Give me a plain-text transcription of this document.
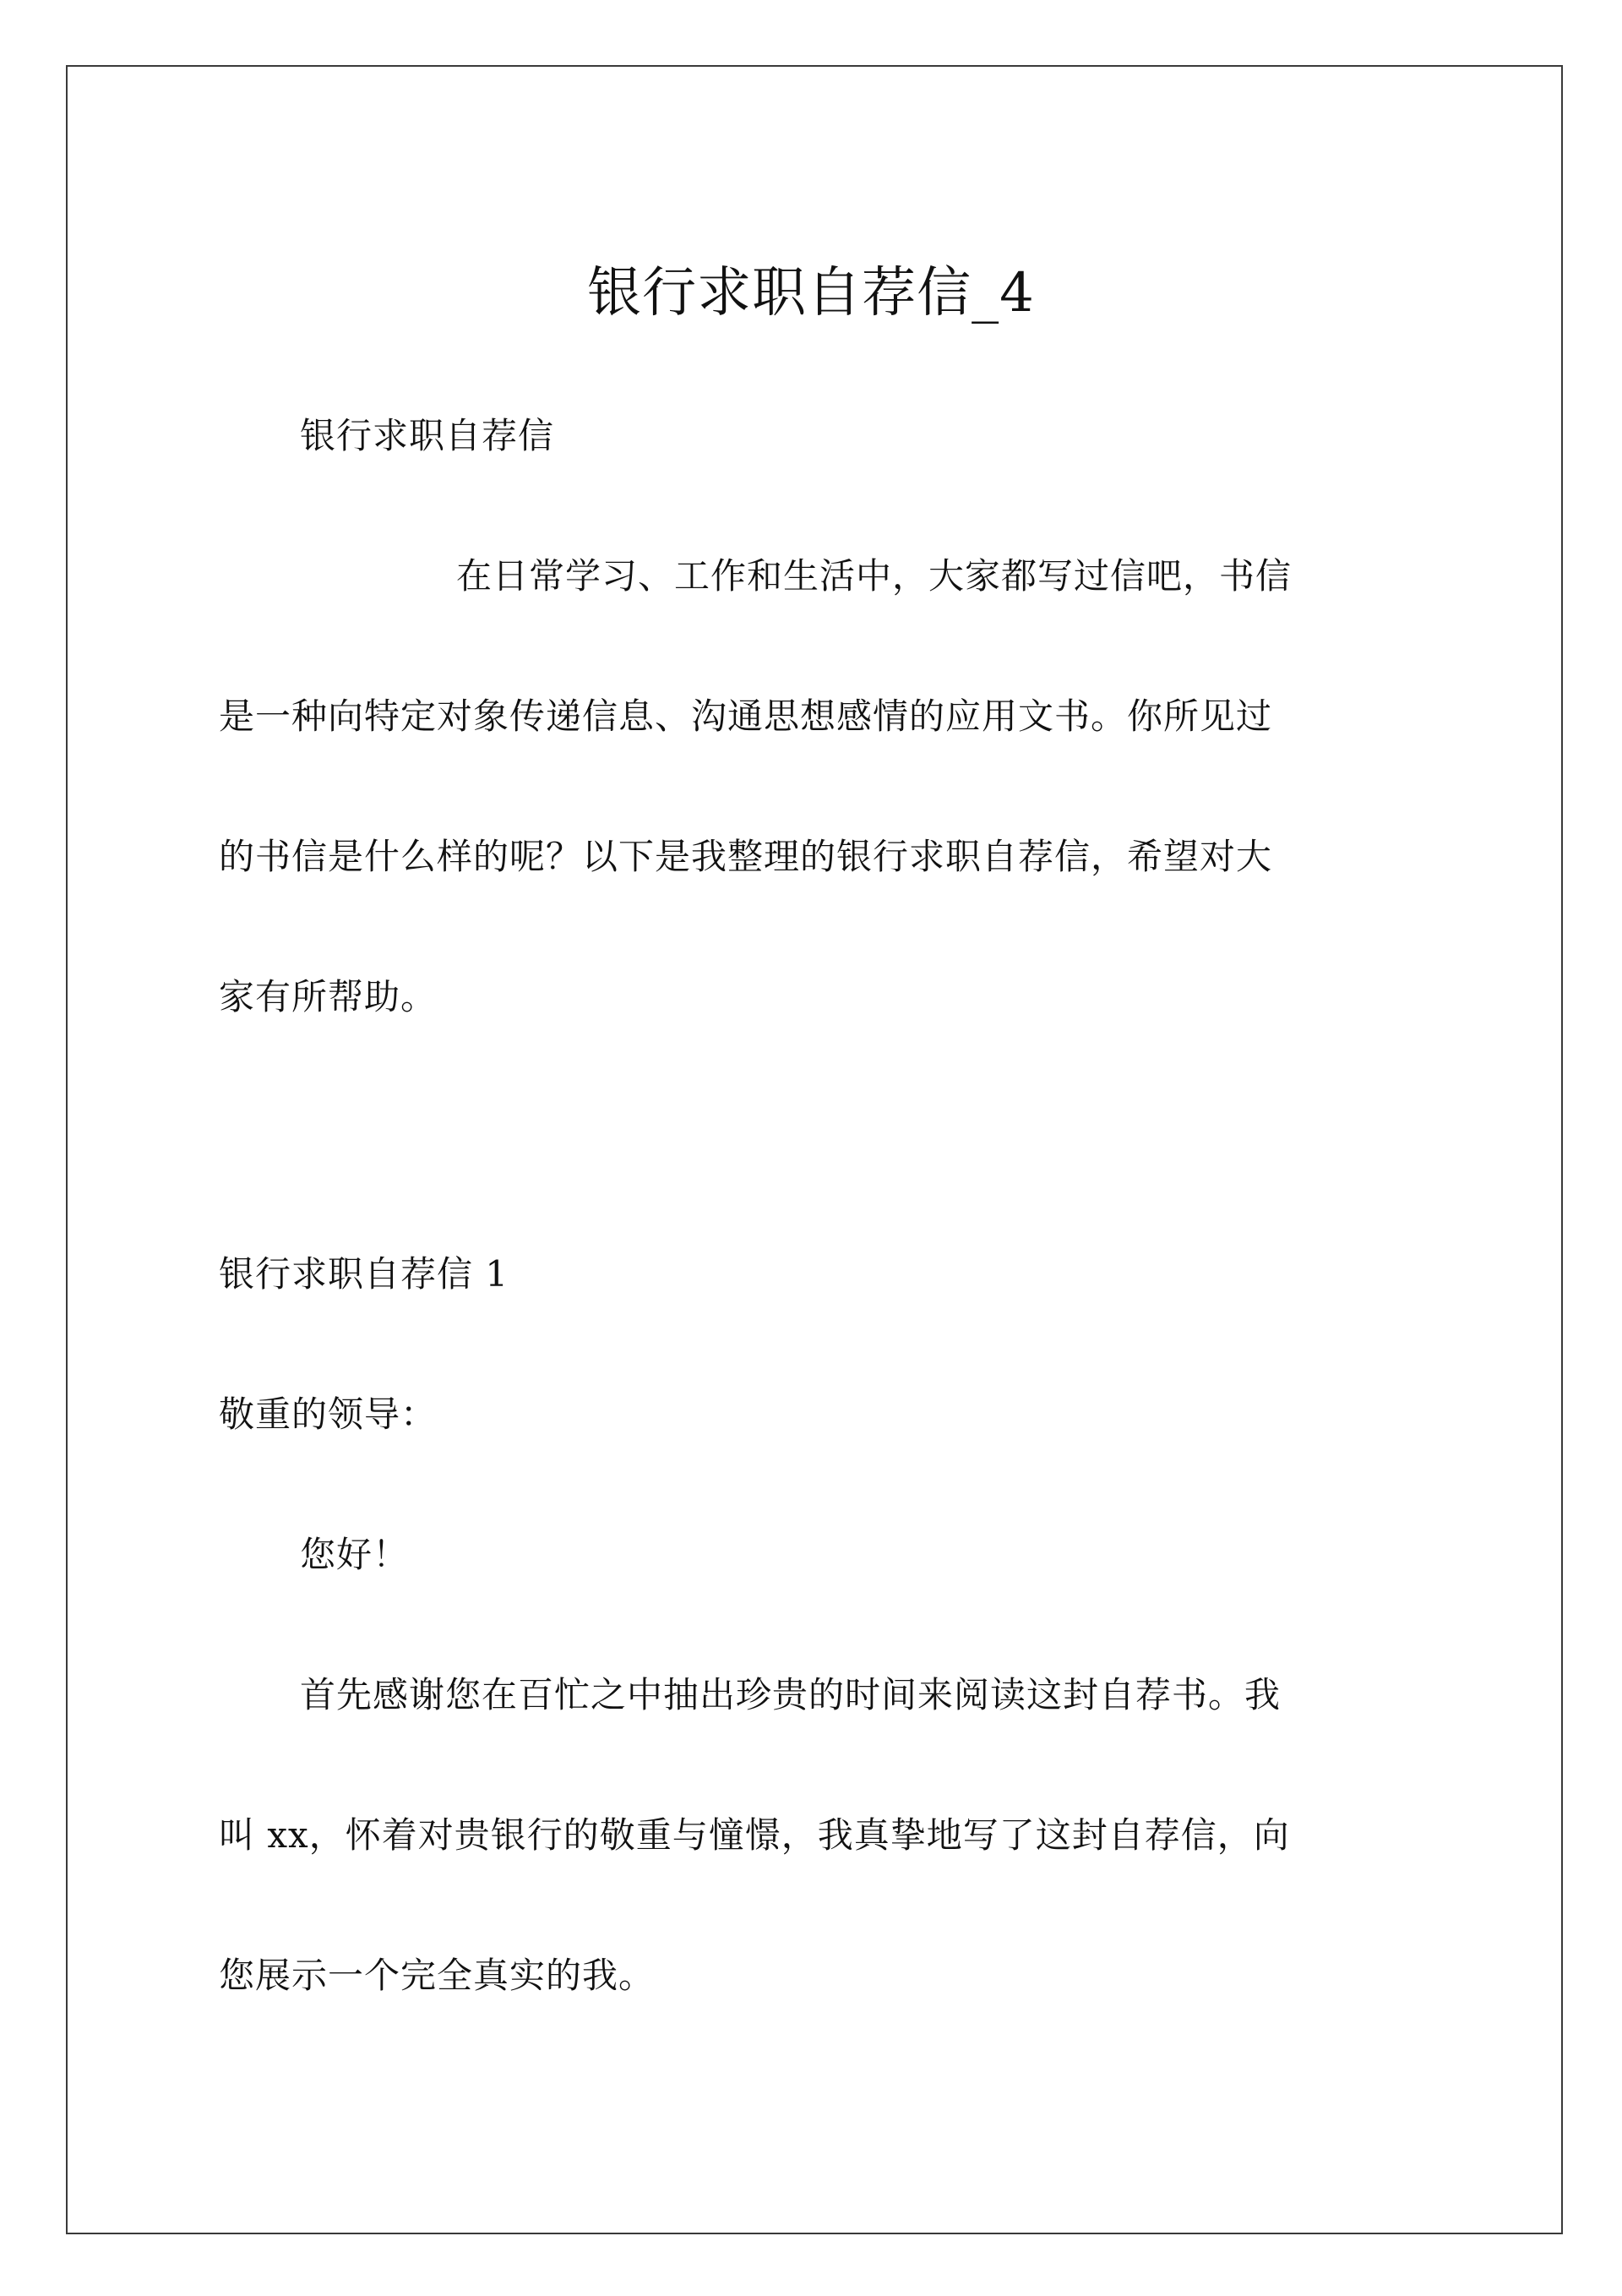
银行求职自荐信_4

银行求职自荐信

在日常学习、工作和生活中，大家都写过信吧，书信

是一种向特定对象传递信息、沟通思想感情的应用文书。你所见过

的书信是什么样的呢？以下是我整理的银行求职自荐信，希望对大

家有所帮助。

银行求职自荐信 1

敬重的领导：

您好！

首先感谢您在百忙之中抽出珍贵的时间来阅读这封自荐书。我

叫 xx，怀着对贵银行的敬重与憧憬，我真挚地写了这封自荐信，向

您展示一个完全真实的我。
